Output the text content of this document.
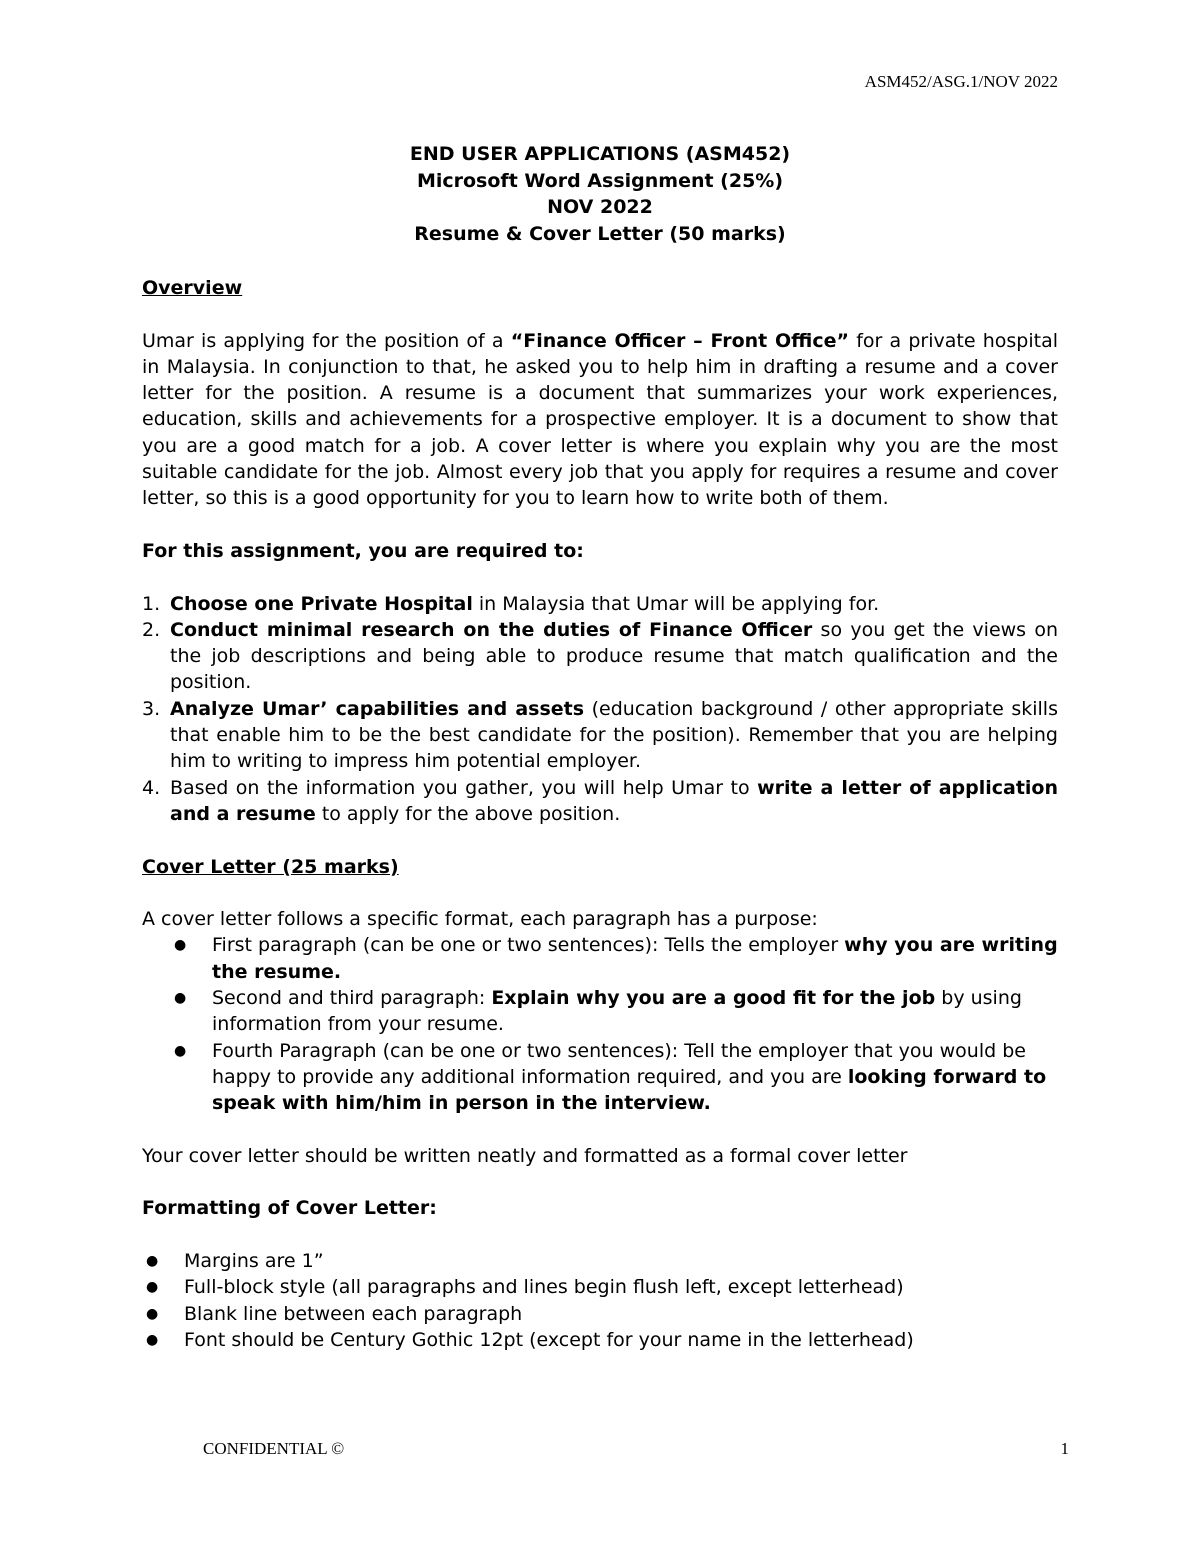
ASM452/ASG.1/NOV 2022
END USER APPLICATIONS (ASM452)
Microsoft Word Assignment (25%)
NOV 2022
Resume & Cover Letter (50 marks)

Overview

Umar is applying for the position of a “Finance Officer – Front Office” for a private hospital in Malaysia. In conjunction to that, he asked you to help him in drafting a resume and a cover letter for the position. A resume is a document that summarizes your work experiences, education, skills and achievements for a prospective employer. It is a document to show that you are a good match for a job. A cover letter is where you explain why you are the most suitable candidate for the job. Almost every job that you apply for requires a resume and cover letter, so this is a good opportunity for you to learn how to write both of them.

For this assignment, you are required to:

1. Choose one Private Hospital in Malaysia that Umar will be applying for.
2. Conduct minimal research on the duties of Finance Officer so you get the views on the job descriptions and being able to produce resume that match qualification and the position.
3. Analyze Umar’ capabilities and assets (education background / other appropriate skills that enable him to be the best candidate for the position). Remember that you are helping him to writing to impress him potential employer.
4. Based on the information you gather, you will help Umar to write a letter of application and a resume to apply for the above position.

Cover Letter (25 marks)

A cover letter follows a specific format, each paragraph has a purpose:

● First paragraph (can be one or two sentences): Tells the employer why you are writing the resume.
● Second and third paragraph: Explain why you are a good fit for the job by using information from your resume.
● Fourth Paragraph (can be one or two sentences): Tell the employer that you would be happy to provide any additional information required, and you are looking forward to speak with him/him in person in the interview.

Your cover letter should be written neatly and formatted as a formal cover letter

Formatting of Cover Letter:

● Margins are 1”
● Full-block style (all paragraphs and lines begin flush left, except letterhead)
● Blank line between each paragraph
● Font should be Century Gothic 12pt (except for your name in the letterhead)
CONFIDENTIAL ©	1
